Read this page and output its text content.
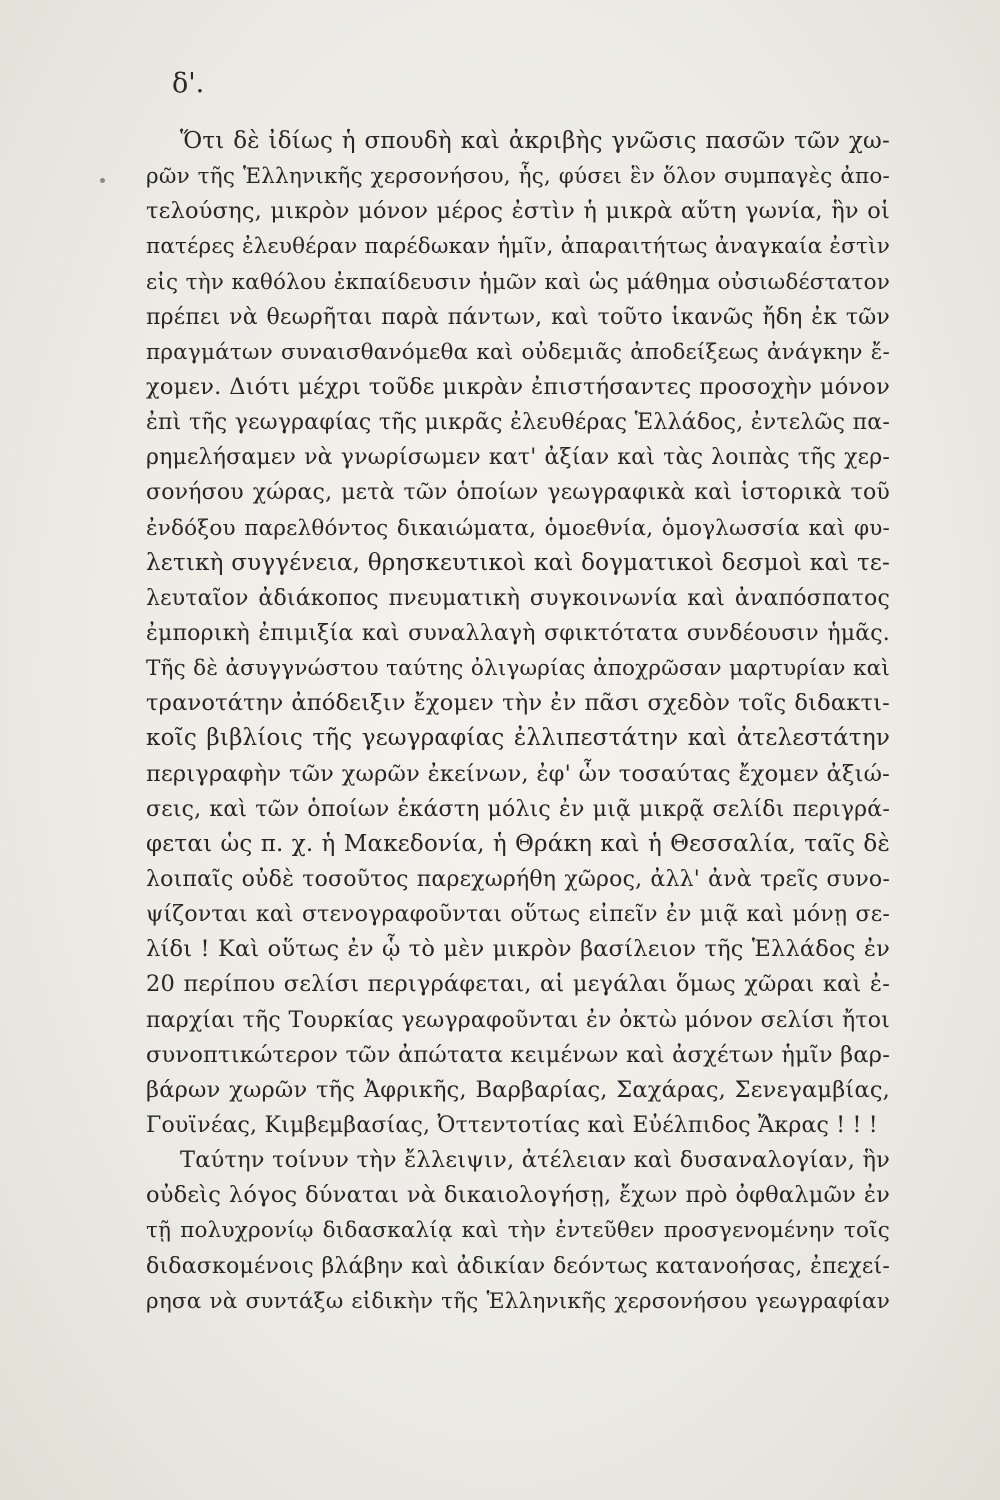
δ'.
Ὅτι δὲ ἰδίως ἡ σπουδὴ καὶ ἀκριβὴς γνῶσις πασῶν τῶν χω-
ρῶν τῆς Ἑλληνικῆς χερσονήσου, ἧς, φύσει ἓν ὅλον συμπαγὲς ἀπο-
τελούσης, μικρὸν μόνον μέρος ἐστὶν ἡ μικρὰ αὕτη γωνία, ἣν οἱ
πατέρες ἐλευθέραν παρέδωκαν ἡμῖν, ἀπαραιτήτως ἀναγκαία ἐστὶν
εἰς τὴν καθόλου ἐκπαίδευσιν ἡμῶν καὶ ὡς μάθημα οὐσιωδέστατον
πρέπει νὰ θεωρῆται παρὰ πάντων, καὶ τοῦτο ἱκανῶς ἤδη ἐκ τῶν
πραγμάτων συναισθανόμεθα καὶ οὐδεμιᾶς ἀποδείξεως ἀνάγκην ἔ-
χομεν. Διότι μέχρι τοῦδε μικρὰν ἐπιστήσαντες προσοχὴν μόνον
ἐπὶ τῆς γεωγραφίας τῆς μικρᾶς ἐλευθέρας Ἑλλάδος, ἐντελῶς πα-
ρημελήσαμεν νὰ γνωρίσωμεν κατ' ἀξίαν καὶ τὰς λοιπὰς τῆς χερ-
σονήσου χώρας, μετὰ τῶν ὁποίων γεωγραφικὰ καὶ ἱστορικὰ τοῦ
ἐνδόξου παρελθόντος δικαιώματα, ὁμοεθνία, ὁμογλωσσία καὶ φυ-
λετικὴ συγγένεια, θρησκευτικοὶ καὶ δογματικοὶ δεσμοὶ καὶ τε-
λευταῖον ἀδιάκοπος πνευματικὴ συγκοινωνία καὶ ἀναπόσπατος
ἐμπορικὴ ἐπιμιξία καὶ συναλλαγὴ σφικτότατα συνδέουσιν ἡμᾶς.
Τῆς δὲ ἀσυγγνώστου ταύτης ὀλιγωρίας ἀποχρῶσαν μαρτυρίαν καὶ
τρανοτάτην ἀπόδειξιν ἔχομεν τὴν ἐν πᾶσι σχεδὸν τοῖς διδακτι-
κοῖς βιβλίοις τῆς γεωγραφίας ἐλλιπεστάτην καὶ ἀτελεστάτην
περιγραφὴν τῶν χωρῶν ἐκείνων, ἐφ' ὧν τοσαύτας ἔχομεν ἀξιώ-
σεις, καὶ τῶν ὁποίων ἑκάστη μόλις ἐν μιᾷ μικρᾷ σελίδι περιγρά-
φεται ὡς π. χ. ἡ Μακεδονία, ἡ Θράκη καὶ ἡ Θεσσαλία, ταῖς δὲ
λοιπαῖς οὐδὲ τοσοῦτος παρεχωρήθη χῶρος, ἀλλ' ἀνὰ τρεῖς συνο-
ψίζονται καὶ στενογραφοῦνται οὕτως εἰπεῖν ἐν μιᾷ καὶ μόνῃ σε-
λίδι ! Καὶ οὕτως ἐν ᾧ τὸ μὲν μικρὸν βασίλειον τῆς Ἑλλάδος ἐν
20 περίπου σελίσι περιγράφεται, αἱ μεγάλαι ὅμως χῶραι καὶ ἐ-
παρχίαι τῆς Τουρκίας γεωγραφοῦνται ἐν ὀκτὼ μόνον σελίσι ἤτοι
συνοπτικώτερον τῶν ἀπώτατα κειμένων καὶ ἀσχέτων ἡμῖν βαρ-
βάρων χωρῶν τῆς Ἀφρικῆς, Βαρβαρίας, Σαχάρας, Σενεγαμβίας,
Γουϊνέας, Κιμβεμβασίας, Ὀττεντοτίας καὶ Εὐέλπιδος Ἄκρας ! ! !
Ταύτην τοίνυν τὴν ἔλλειψιν, ἀτέλειαν καὶ δυσαναλογίαν, ἣν
οὐδεὶς λόγος δύναται νὰ δικαιολογήσῃ, ἔχων πρὸ ὀφθαλμῶν ἐν
τῇ πολυχρονίῳ διδασκαλίᾳ καὶ τὴν ἐντεῦθεν προσγενομένην τοῖς
διδασκομένοις βλάβην καὶ ἀδικίαν δεόντως κατανοήσας, ἐπεχεί-
ρησα νὰ συντάξω εἰδικὴν τῆς Ἑλληνικῆς χερσονήσου γεωγραφίαν
